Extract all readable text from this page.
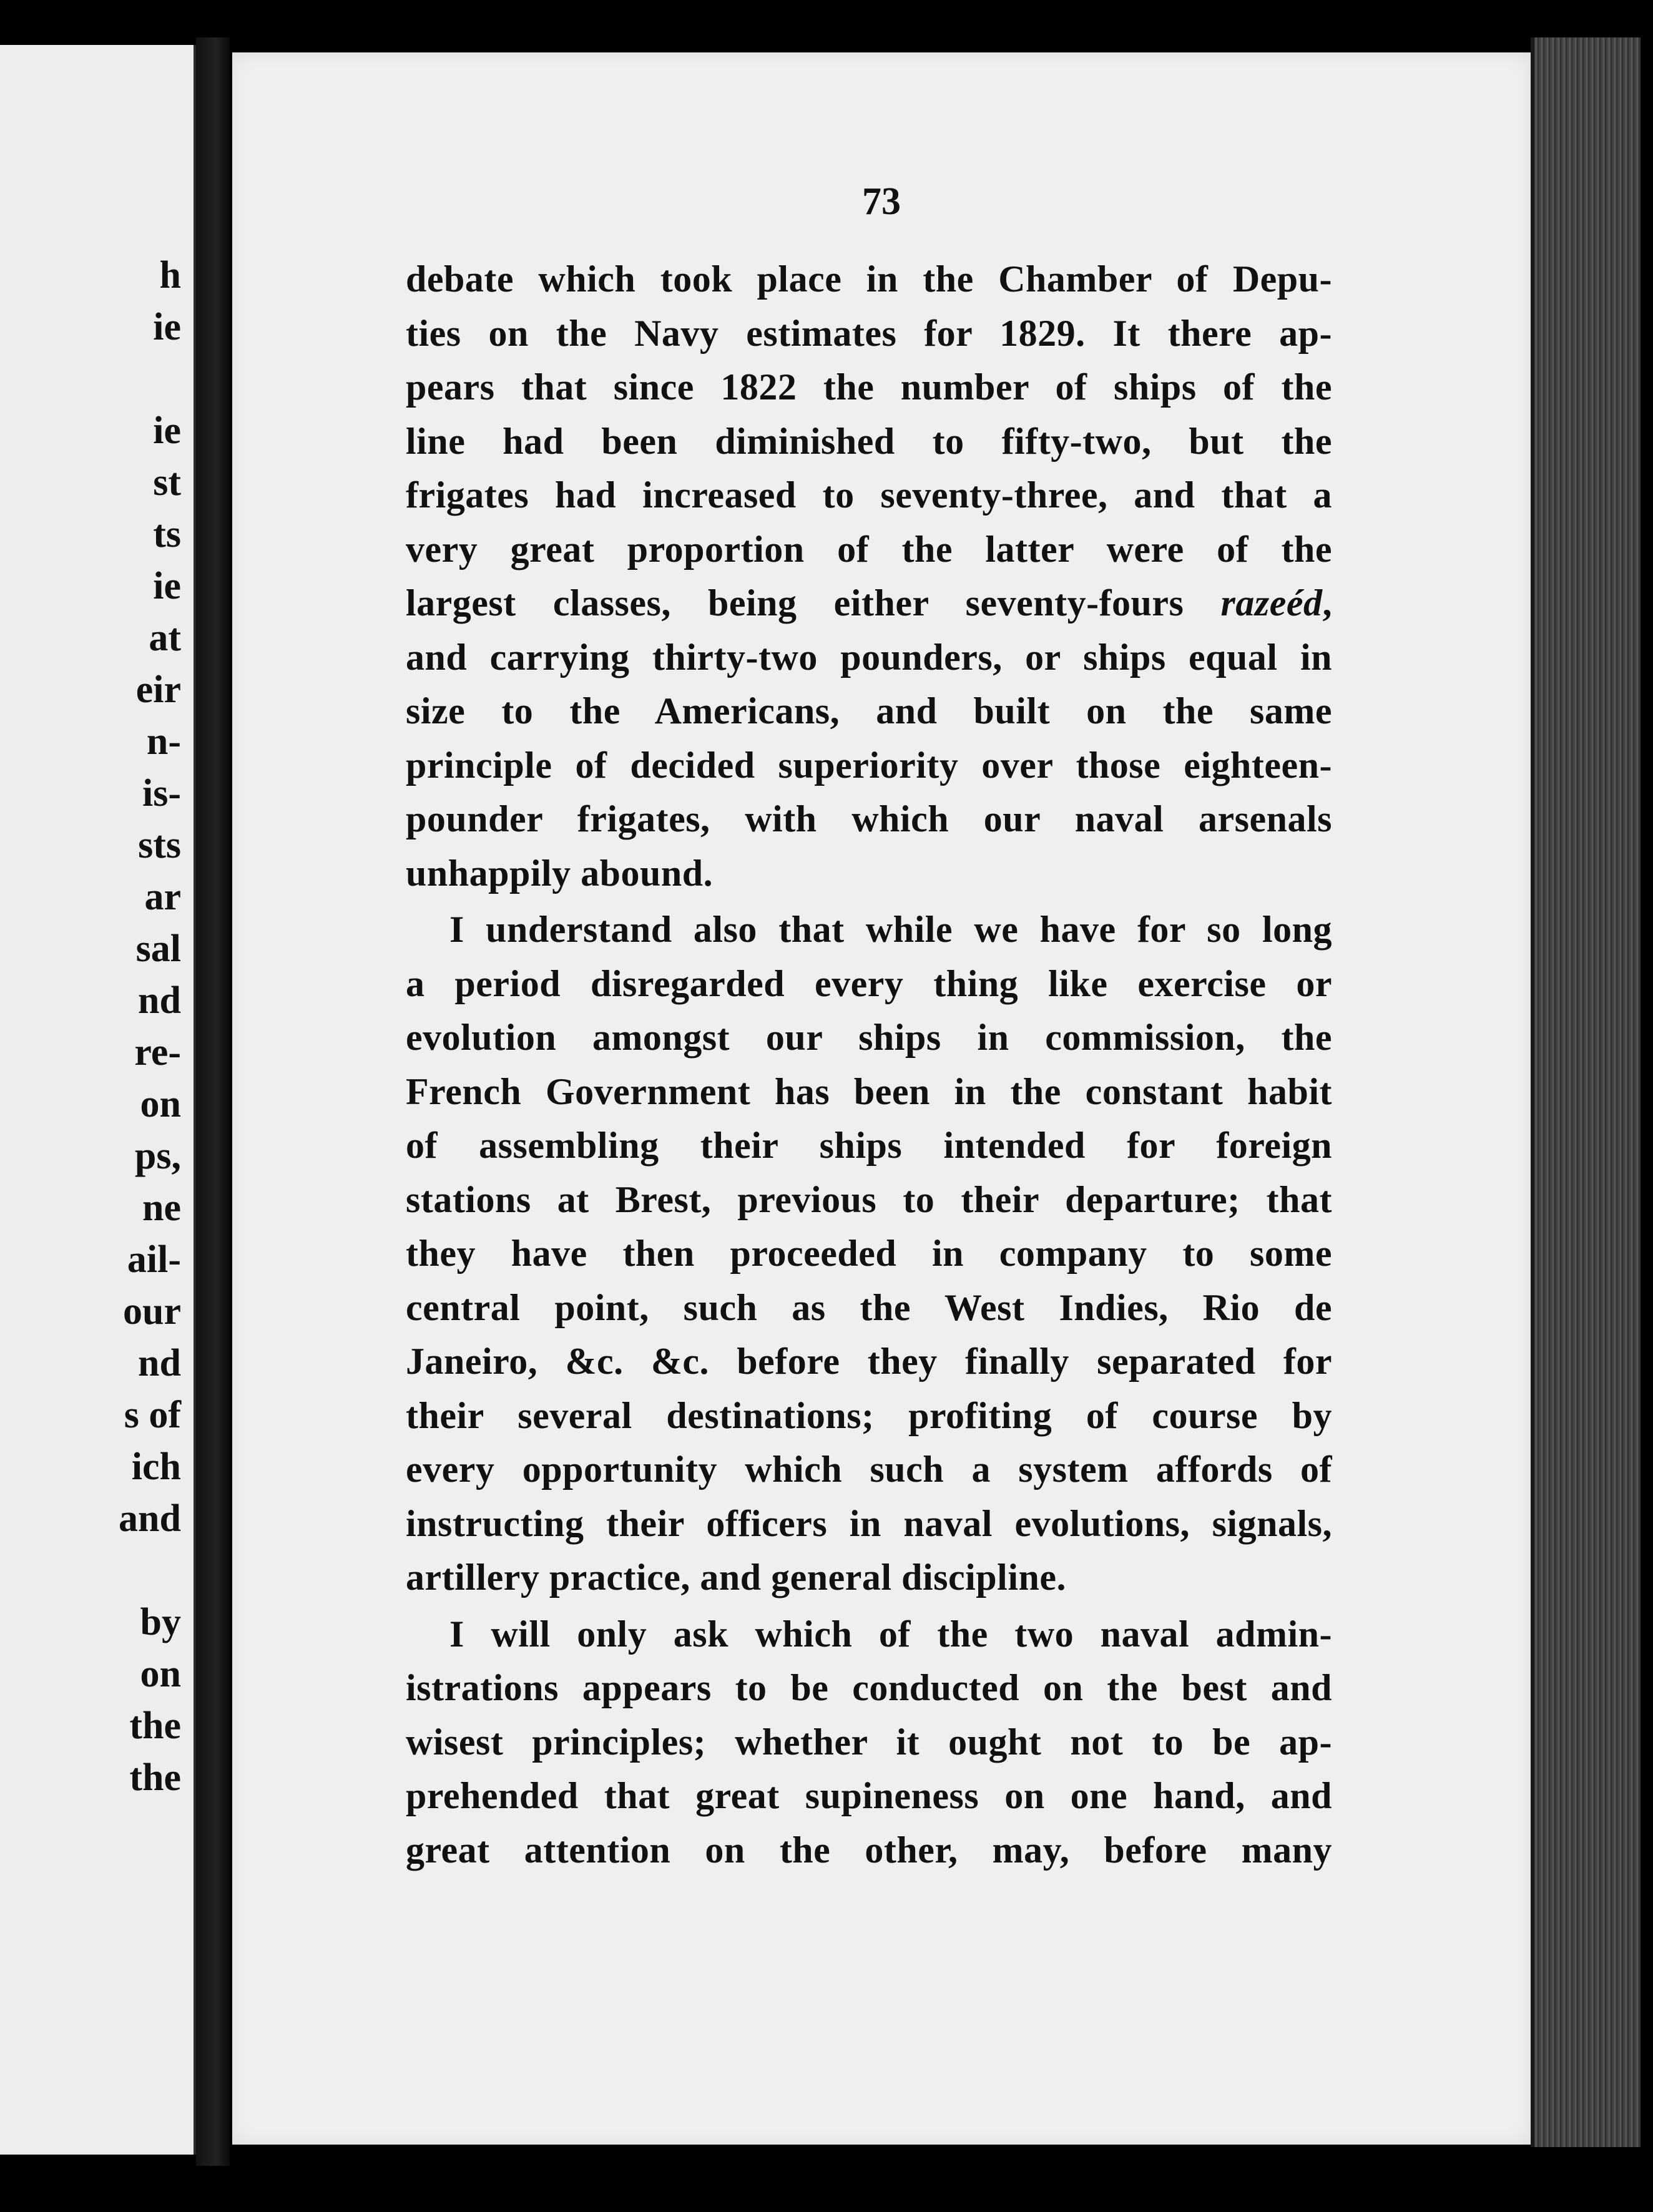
h
ie
ie
st
ts
ie
at
eir
n-
is-
sts
ar
sal
nd
re-
on
ps,
ne
ail-
our
nd
s of
ich
and
by
on
the
the
73
debate which took place in the Chamber of Depu-
ties on the Navy estimates for 1829. It there ap-
pears that since 1822 the number of ships of the
line had been diminished to fifty-two, but the
frigates had increased to seventy-three, and that a
very great proportion of the latter were of the
largest classes, being either seventy-fours razeéd,
and carrying thirty-two pounders, or ships equal in
size to the Americans, and built on the same
principle of decided superiority over those eighteen-
pounder frigates, with which our naval arsenals
unhappily abound.
I understand also that while we have for so long
a period disregarded every thing like exercise or
evolution amongst our ships in commission, the
French Government has been in the constant habit
of assembling their ships intended for foreign
stations at Brest, previous to their departure; that
they have then proceeded in company to some
central point, such as the West Indies, Rio de
Janeiro, &c. &c. before they finally separated for
their several destinations; profiting of course by
every opportunity which such a system affords of
instructing their officers in naval evolutions, signals,
artillery practice, and general discipline.
I will only ask which of the two naval admin-
istrations appears to be conducted on the best and
wisest principles; whether it ought not to be ap-
prehended that great supineness on one hand, and
great attention on the other, may, before many
